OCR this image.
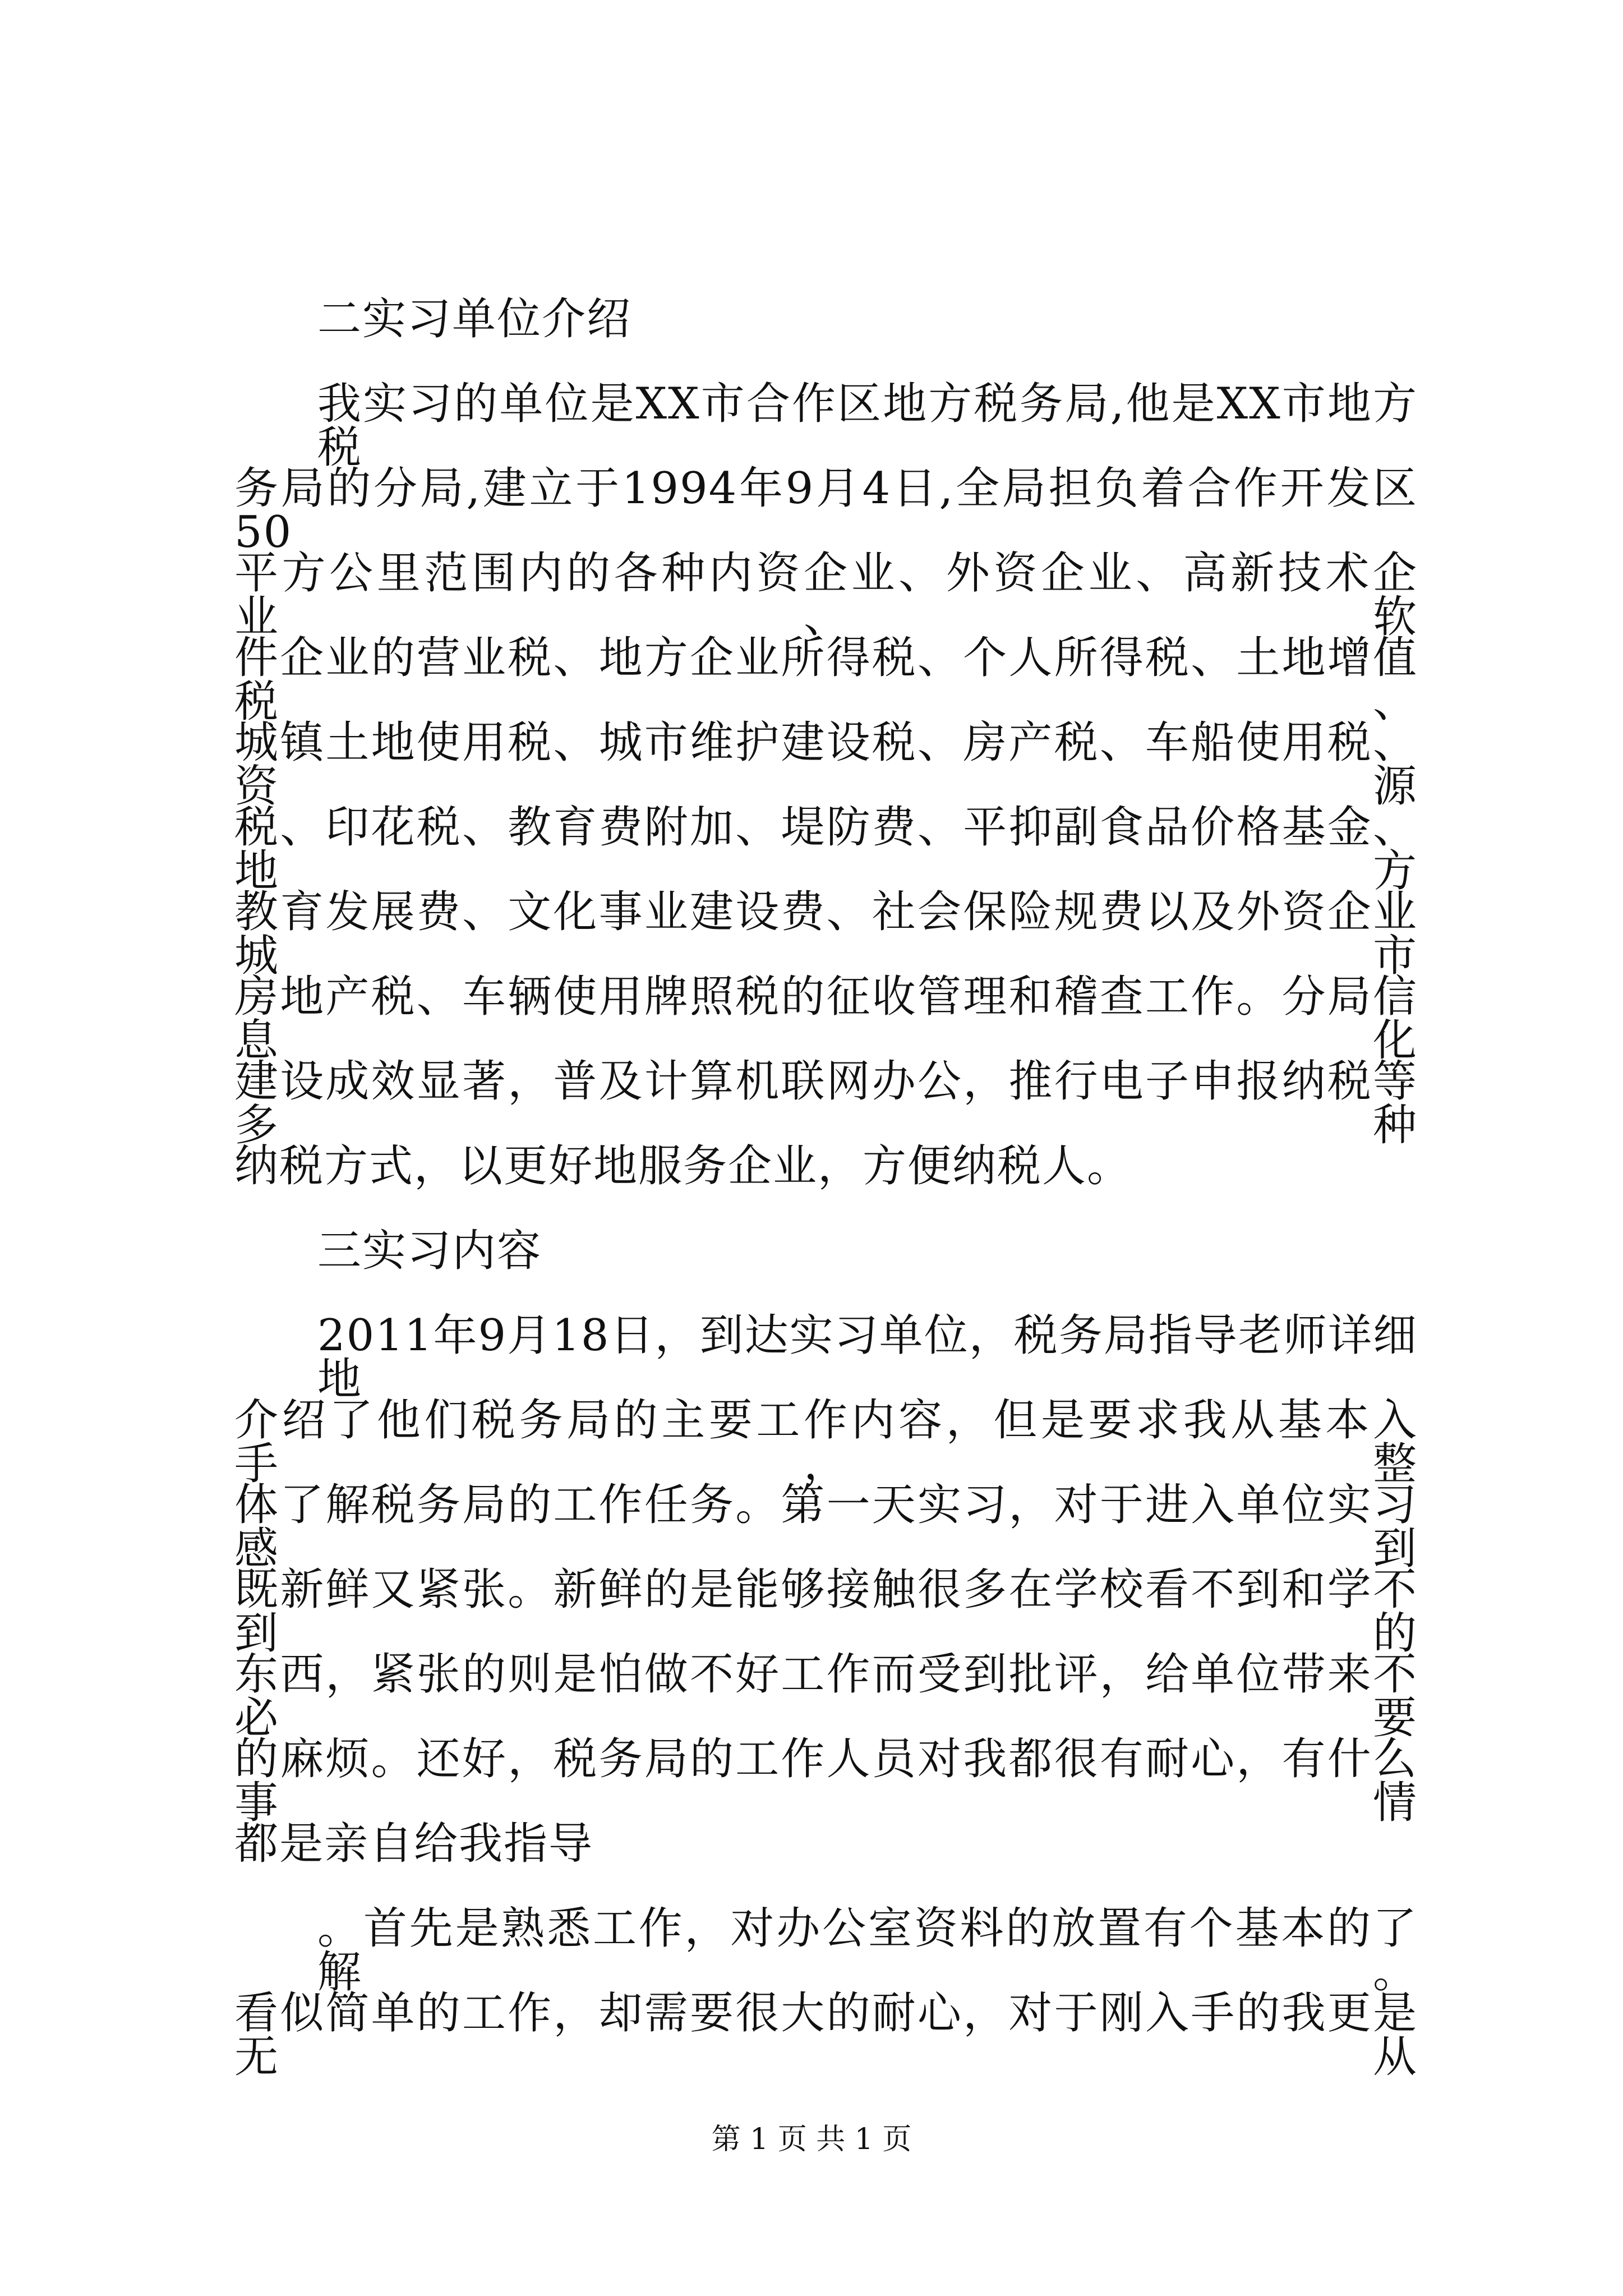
二实习单位介绍
我实习的单位是XX市合作区地方税务局,他是XX市地方税
务局的分局,建立于1994年9月4日,全局担负着合作开发区50
平方公里范围内的各种内资企业、外资企业、高新技术企业、软
件企业的营业税、地方企业所得税、个人所得税、土地增值税、
城镇土地使用税、城市维护建设税、房产税、车船使用税、资源
税、印花税、教育费附加、堤防费、平抑副食品价格基金、地方
教育发展费、文化事业建设费、社会保险规费以及外资企业城市
房地产税、车辆使用牌照税的征收管理和稽查工作。分局信息化
建设成效显著，普及计算机联网办公，推行电子申报纳税等多种
纳税方式，以更好地服务企业，方便纳税人。
三实习内容
2011年9月18日，到达实习单位，税务局指导老师详细地
介绍了他们税务局的主要工作内容，但是要求我从基本入手，整
体了解税务局的工作任务。第一天实习，对于进入单位实习感到
既新鲜又紧张。新鲜的是能够接触很多在学校看不到和学不到的
东西，紧张的则是怕做不好工作而受到批评，给单位带来不必要
的麻烦。还好，税务局的工作人员对我都很有耐心，有什么事情
都是亲自给我指导
。首先是熟悉工作，对办公室资料的放置有个基本的了解。
看似简单的工作，却需要很大的耐心，对于刚入手的我更是无从
第 1 页 共 1 页
